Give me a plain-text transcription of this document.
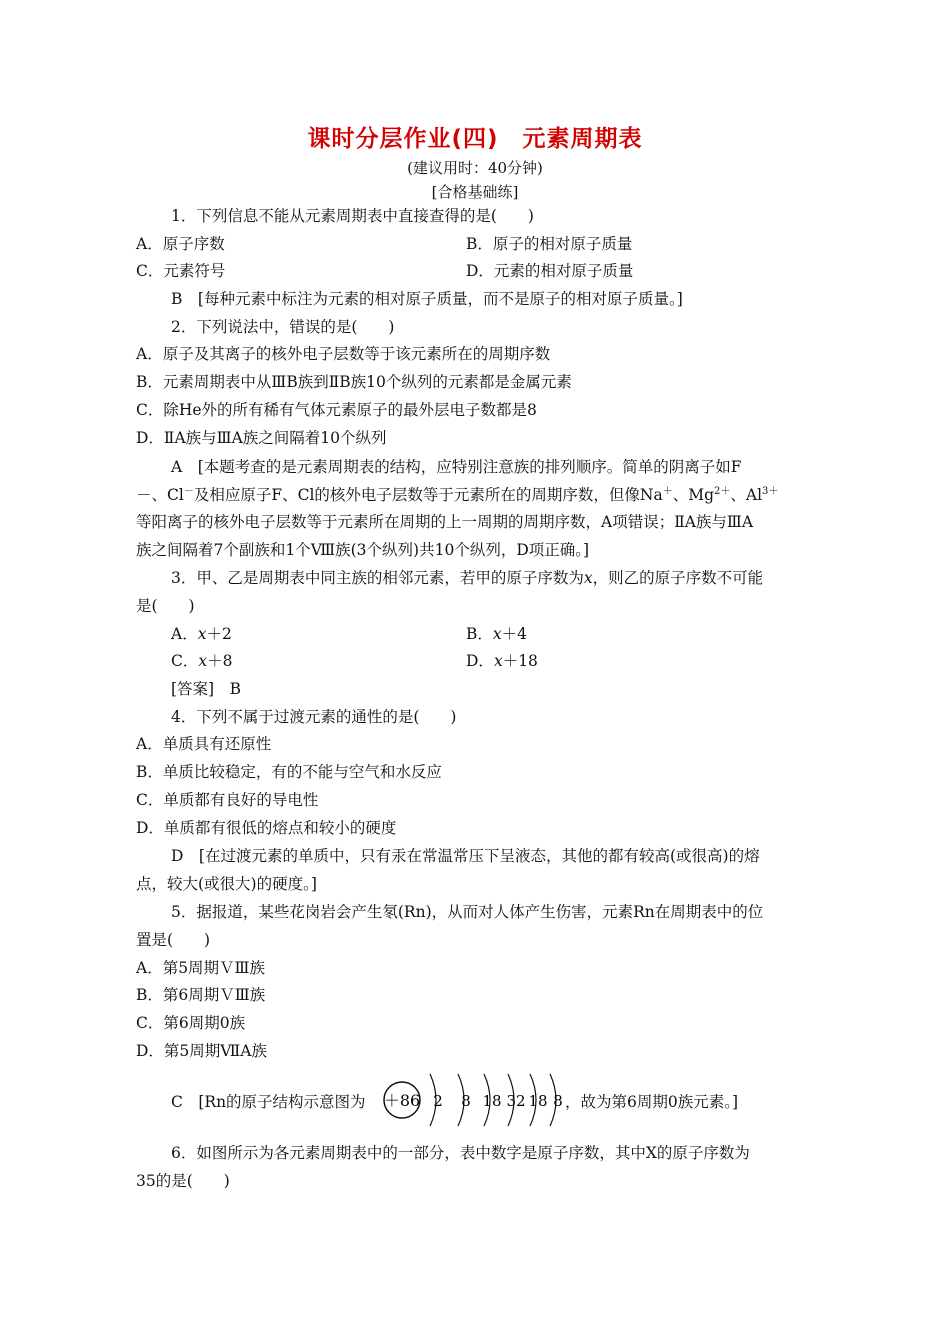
课时分层作业(四)　元素周期表
(建议用时：40分钟)
[合格基础练]
1．下列信息不能从元素周期表中直接查得的是(　　)
A．原子序数	B．原子的相对原子质量
C．元素符号	D．元素的相对原子质量
B　[每种元素中标注为元素的相对原子质量，而不是原子的相对原子质量。]
2．下列说法中，错误的是(　　)
A．原子及其离子的核外电子层数等于该元素所在的周期序数
B．元素周期表中从ⅢB族到ⅡB族10个纵列的元素都是金属元素
C．除He外的所有稀有气体元素原子的最外层电子数都是8
D．ⅡA族与ⅢA族之间隔着10个纵列
A　[本题考查的是元素周期表的结构，应特别注意族的排列顺序。简单的阴离子如F
－、Cl－及相应原子F、Cl的核外电子层数等于元素所在的周期序数，但像Na＋、$Mg^{2+}$、$Al^{3+}$
等阳离子的核外电子层数等于元素所在周期的上一周期的周期序数，A项错误；ⅡA族与ⅢA
族之间隔着7个副族和1个Ⅷ族(3个纵列)共10个纵列，D项正确。]
3．甲、乙是周期表中同主族的相邻元素，若甲的原子序数为x，则乙的原子序数不可能
是(　　)
A．x＋2	B．x＋4
C．x＋8	D．x＋18
[答案]　B
4．下列不属于过渡元素的通性的是(　　)
A．单质具有还原性
B．单质比较稳定，有的不能与空气和水反应
C．单质都有良好的导电性
D．单质都有很低的熔点和较小的硬度
D　[在过渡元素的单质中，只有汞在常温常压下呈液态，其他的都有较高(或很高)的熔
点，较大(或很大)的硬度。]
5．据报道，某些花岗岩会产生氡(Rn)，从而对人体产生伤害，元素Rn在周期表中的位
置是(　　)
A．第5周期ＶⅢ族
B．第6周期ＶⅢ族
C．第6周期0族
D．第5周期ⅦA族
C　[Rn的原子结构示意图为 ＋86 2 8 18 32 18 8 ，故为第6周期0族元素。]
6．如图所示为各元素周期表中的一部分，表中数字是原子序数，其中X的原子序数为
35的是(　　)
